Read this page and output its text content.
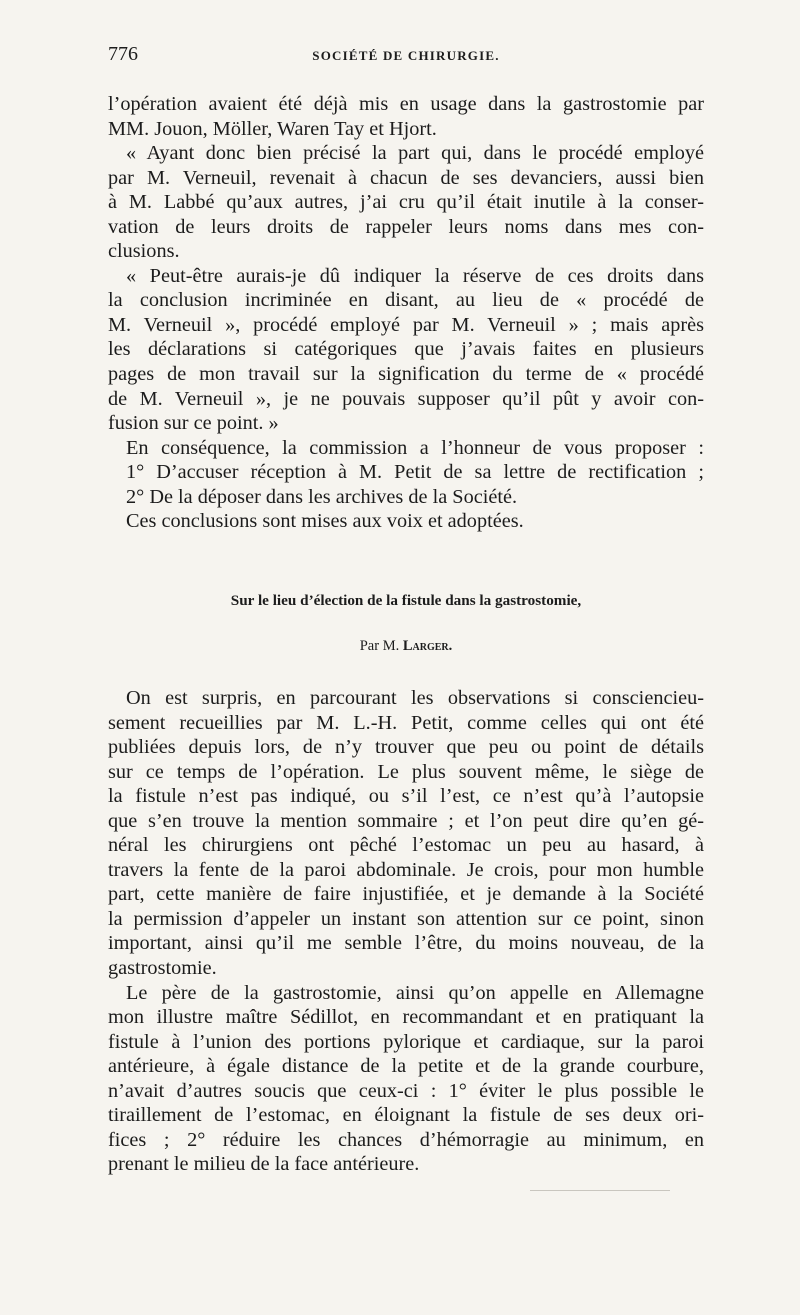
776	SOCIÉTÉ DE CHIRURGIE.
l’opération avaient été déjà mis en usage dans la gastrostomie par
MM. Jouon, Möller, Waren Tay et Hjort.
« Ayant donc bien précisé la part qui, dans le procédé employé
par M. Verneuil, revenait à chacun de ses devanciers, aussi bien
à M. Labbé qu’aux autres, j’ai cru qu’il était inutile à la conser-
vation de leurs droits de rappeler leurs noms dans mes con-
clusions.
« Peut-être aurais-je dû indiquer la réserve de ces droits dans
la conclusion incriminée en disant, au lieu de « procédé de
M. Verneuil », procédé employé par M. Verneuil » ; mais après
les déclarations si catégoriques que j’avais faites en plusieurs
pages de mon travail sur la signification du terme de « procédé
de M. Verneuil », je ne pouvais supposer qu’il pût y avoir con-
fusion sur ce point. »
En conséquence, la commission a l’honneur de vous proposer :
1° D’accuser réception à M. Petit de sa lettre de rectification ;
2° De la déposer dans les archives de la Société.
Ces conclusions sont mises aux voix et adoptées.
Sur le lieu d’élection de la fistule dans la gastrostomie,
Par M. Larger.
On est surpris, en parcourant les observations si consciencieu-
sement recueillies par M. L.-H. Petit, comme celles qui ont été
publiées depuis lors, de n’y trouver que peu ou point de détails
sur ce temps de l’opération. Le plus souvent même, le siège de
la fistule n’est pas indiqué, ou s’il l’est, ce n’est qu’à l’autopsie
que s’en trouve la mention sommaire ; et l’on peut dire qu’en gé-
néral les chirurgiens ont pêché l’estomac un peu au hasard, à
travers la fente de la paroi abdominale. Je crois, pour mon humble
part, cette manière de faire injustifiée, et je demande à la Société
la permission d’appeler un instant son attention sur ce point, sinon
important, ainsi qu’il me semble l’être, du moins nouveau, de la
gastrostomie.
Le père de la gastrostomie, ainsi qu’on appelle en Allemagne
mon illustre maître Sédillot, en recommandant et en pratiquant la
fistule à l’union des portions pylorique et cardiaque, sur la paroi
antérieure, à égale distance de la petite et de la grande courbure,
n’avait d’autres soucis que ceux-ci : 1° éviter le plus possible le
tiraillement de l’estomac, en éloignant la fistule de ses deux ori-
fices ; 2° réduire les chances d’hémorragie au minimum, en
prenant le milieu de la face antérieure.
